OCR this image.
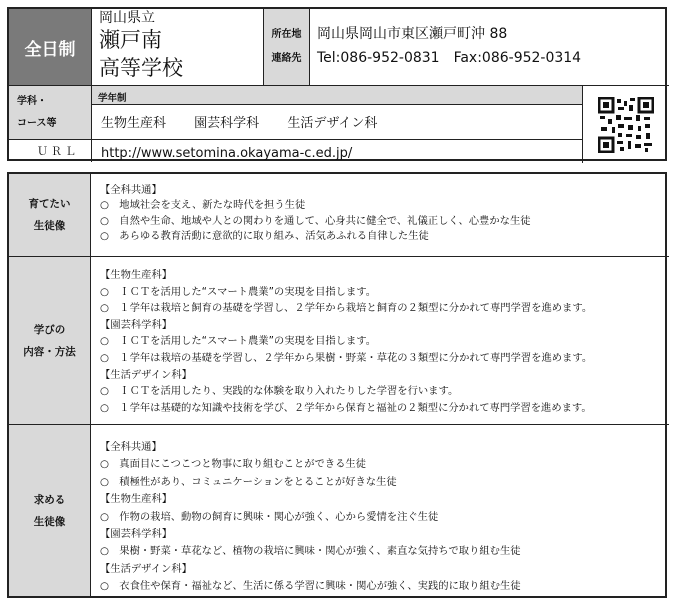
全日制
岡山県立
瀬戸南
高等学校
所在地
連絡先
岡山県岡山市東区瀬戸町沖 88
Tel:086-952-0831　Fax:086-952-0314
学科・
コース等
学年制
生物生産科 園芸科学科 生活デザイン科
ＵＲＬ http://www.setomina.okayama-c.ed.jp/
育てたい
生徒像
【全科共通】
○　地域社会を支え、新たな時代を担う生徒
○　自然や生命、地域や人との関わりを通して、心身共に健全で、礼儀正しく、心豊かな生徒
○　あらゆる教育活動に意欲的に取り組み、活気あふれる自律した生徒
学びの
内容・方法
【生物生産科】
○　ＩＣＴを活用した“スマート農業”の実現を目指します。
○　１学年は栽培と飼育の基礎を学習し、２学年から栽培と飼育の２類型に分かれて専門学習を進めます。
【園芸科学科】
○　ＩＣＴを活用した“スマート農業”の実現を目指します。
○　１学年は栽培の基礎を学習し、２学年から果樹・野菜・草花の３類型に分かれて専門学習を進めます。
【生活デザイン科】
○　ＩＣＴを活用したり、実践的な体験を取り入れたりした学習を行います。
○　１学年は基礎的な知識や技術を学び、２学年から保育と福祉の２類型に分かれて専門学習を進めます。
求める
生徒像
【全科共通】
○　真面目にこつこつと物事に取り組むことができる生徒
○　積極性があり、コミュニケーションをとることが好きな生徒
【生物生産科】
○　作物の栽培、動物の飼育に興味・関心が強く、心から愛情を注ぐ生徒
【園芸科学科】
○　果樹・野菜・草花など、植物の栽培に興味・関心が強く、素直な気持ちで取り組む生徒
【生活デザイン科】
○　衣食住や保育・福祉など、生活に係る学習に興味・関心が強く、実践的に取り組む生徒
